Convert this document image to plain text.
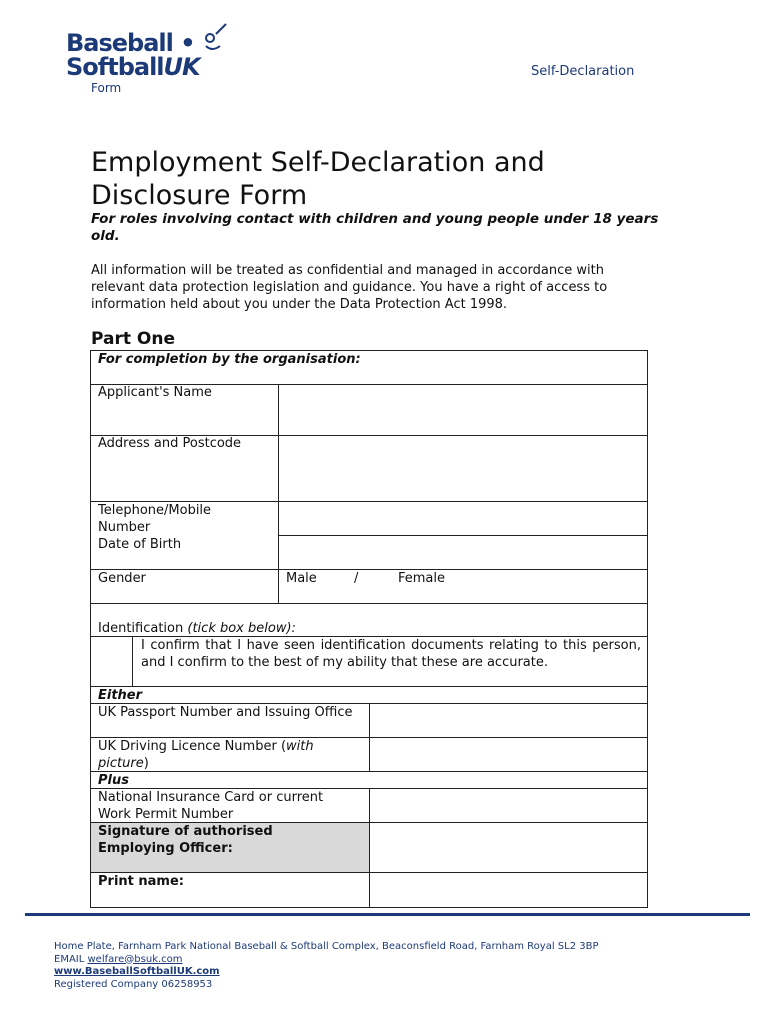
Baseball •
SoftballUK
Form
Self-Declaration
Employment Self-Declaration and Disclosure Form
For roles involving contact with children and young people under 18 years old.
All information will be treated as confidential and managed in accordance with relevant data protection legislation and guidance. You have a right of access to information held about you under the Data Protection Act 1998.
Part One
For completion by the organisation:
Applicant's Name
Address and Postcode
Telephone/Mobile Number
Date of Birth
Gender	Male	/	Female
Identification (tick box below):
I confirm that I have seen identification documents relating to this person, and I confirm to the best of my ability that these are accurate.
Either
UK Passport Number and Issuing Office
UK Driving Licence Number (with picture)
Plus
National Insurance Card or current Work Permit Number
Signature of authorised Employing Officer:
Print name:
Home Plate, Farnham Park National Baseball & Softball Complex, Beaconsfield Road, Farnham Royal SL2 3BP
EMAIL welfare@bsuk.com
www.BaseballSoftballUK.com
Registered Company 06258953
